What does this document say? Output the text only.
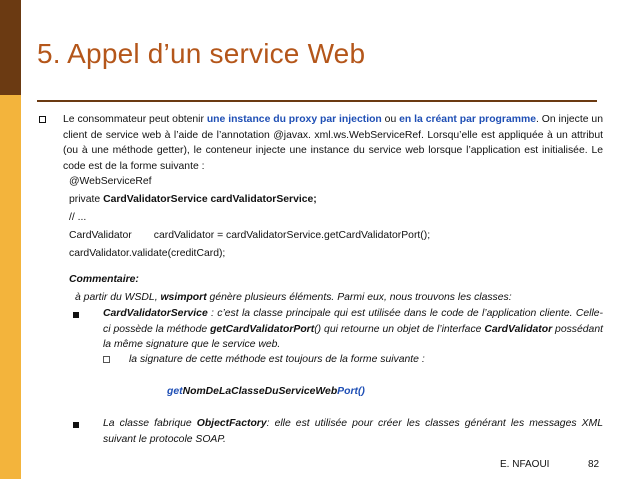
5. Appel d’un service Web
Le consommateur peut obtenir une instance du proxy par injection ou en la créant par programme. On injecte un client de service web à l’aide de l’annotation @javax. xml.ws.WebServiceRef. Lorsqu’elle est appliquée à un attribut (ou à une méthode getter), le conteneur injecte une instance du service web lorsque l’application est initialisée. Le code est de la forme suivante :
@WebServiceRef
private CardValidatorService cardValidatorService;
// ...
CardValidator cardValidator = cardValidatorService.getCardValidatorPort();
cardValidator.validate(creditCard);
Commentaire:
à partir du WSDL, wsimport génère plusieurs éléments. Parmi eux, nous trouvons les classes:
CardValidatorService : c’est la classe principale qui est utilisée dans le code de l’application cliente. Celle-ci possède la méthode getCardValidatorPort() qui retourne un objet de l’interface CardValidator possédant la même signature que le service web.
la signature de cette méthode est toujours de la forme suivante :
getNomDeLaClasseDuServiceWebPort()
La classe fabrique ObjectFactory: elle est utilisée pour créer les classes générant les messages XML suivant le protocole SOAP.
E. NFAOUI	82
